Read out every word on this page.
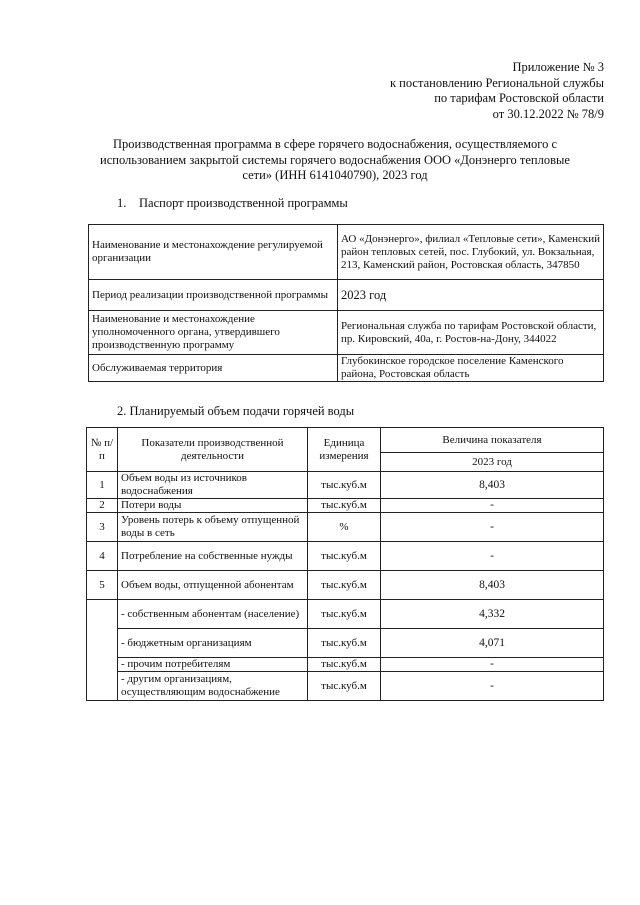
Приложение № 3
к постановлению Региональной службы
по тарифам Ростовской области
от 30.12.2022 № 78/9
Производственная программа в сфере горячего водоснабжения, осуществляемого с
использованием закрытой системы горячего водоснабжения ООО «Донэнерго тепловые
сети» (ИНН 6141040790), 2023 год
1. Паспорт производственной программы
Наименование и местонахождение регулируемой организации	АО «Донэнерго», филиал «Тепловые сети», Каменский район тепловых сетей, пос. Глубокий, ул. Вокзальная, 213, Каменский район, Ростовская область, 347850
Период реализации производственной программы	2023 год
Наименование и местонахождение уполномоченного органа, утвердившего производственную программу	Региональная служба по тарифам Ростовской области, пр. Кировский, 40а, г. Ростов-на-Дону, 344022
Обслуживаемая территория	Глубокинское городское поселение Каменского района, Ростовская область
2. Планируемый объем подачи горячей воды
№ п/п	Показатели производственной деятельности	Единица измерения	Величина показателя
			2023 год
1	Объем воды из источников водоснабжения	тыс.куб.м	8,403
2	Потери воды	тыс.куб.м	-
3	Уровень потерь к объему отпущенной воды в сеть	%	-
4	Потребление на собственные нужды	тыс.куб.м	-
5	Объем воды, отпущенной абонентам	тыс.куб.м	8,403
	- собственным абонентам (население)	тыс.куб.м	4,332
	- бюджетным организациям	тыс.куб.м	4,071
	- прочим потребителям	тыс.куб.м	-
	- другим организациям, осуществляющим водоснабжение	тыс.куб.м	-
